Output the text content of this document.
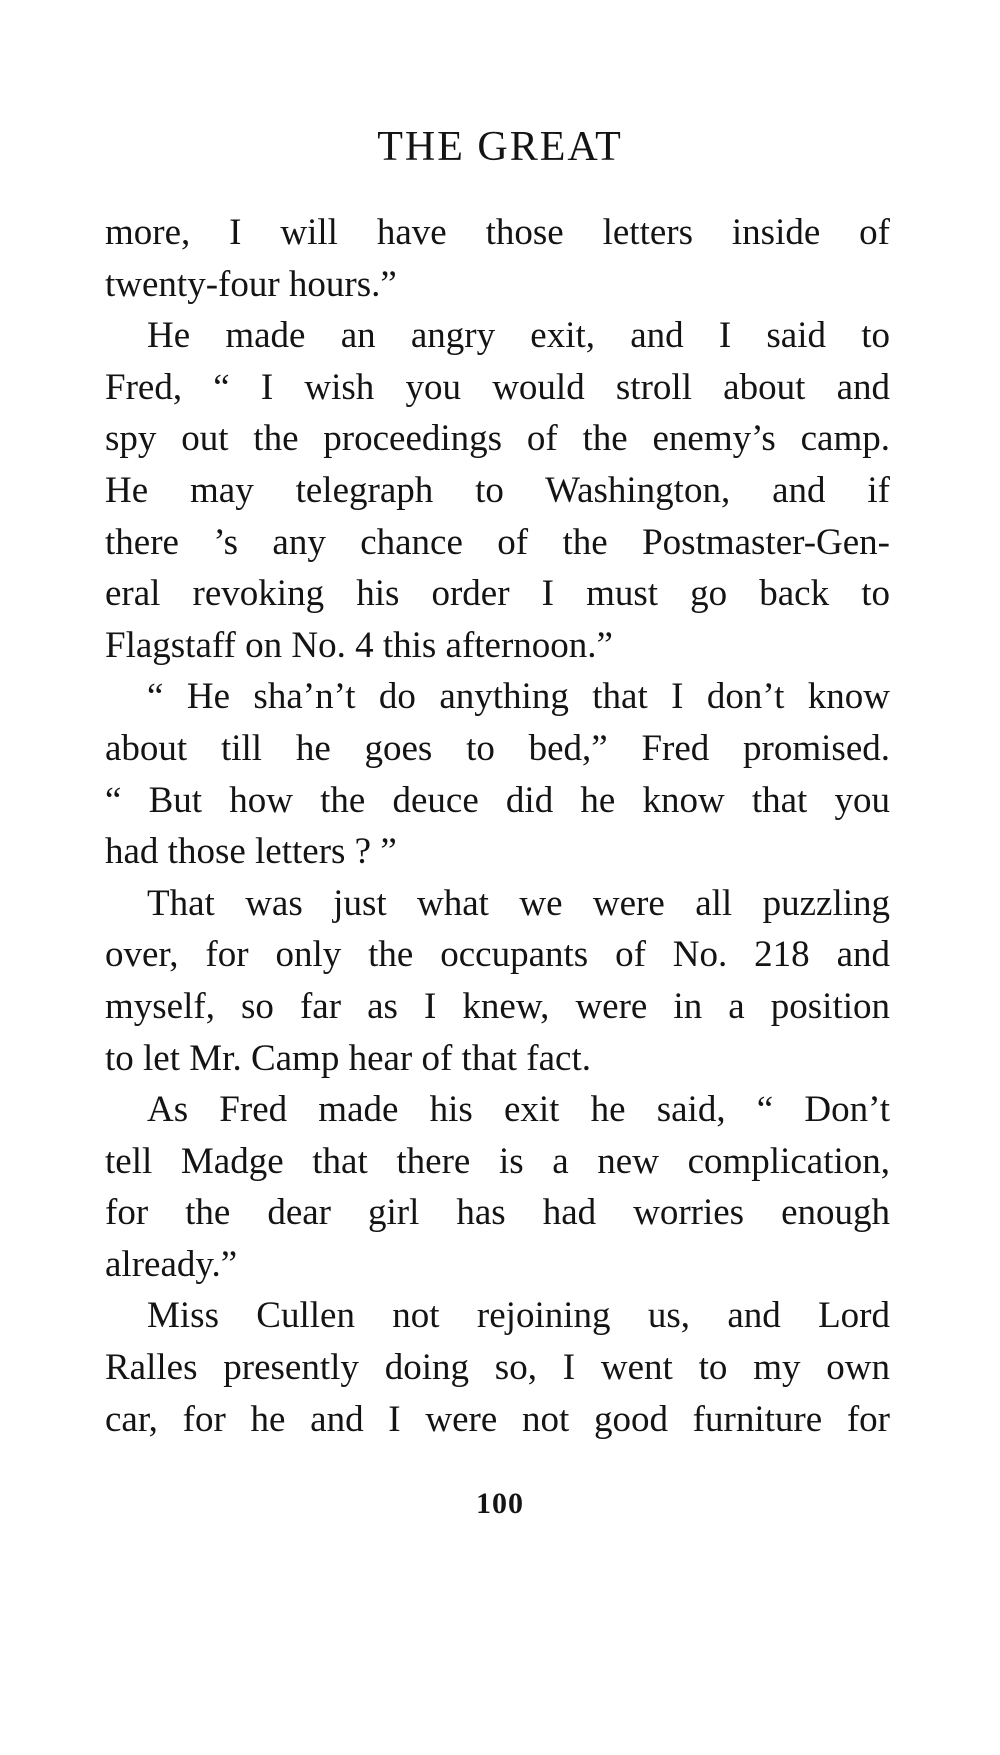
THE GREAT
more, I will have those letters inside of
twenty-four hours.”
He made an angry exit, and I said to
Fred, “ I wish you would stroll about and
spy out the proceedings of the enemy’s camp.
He may telegraph to Washington, and if
there ’s any chance of the Postmaster-Gen-
eral revoking his order I must go back to
Flagstaff on No. 4 this afternoon.”
“ He sha’n’t do anything that I don’t know
about till he goes to bed,” Fred promised.
“ But how the deuce did he know that you
had those letters ? ”
That was just what we were all puzzling
over, for only the occupants of No. 218 and
myself, so far as I knew, were in a position
to let Mr. Camp hear of that fact.
As Fred made his exit he said, “ Don’t
tell Madge that there is a new complication,
for the dear girl has had worries enough
already.”
Miss Cullen not rejoining us, and Lord
Ralles presently doing so, I went to my own
car, for he and I were not good furniture for
100
